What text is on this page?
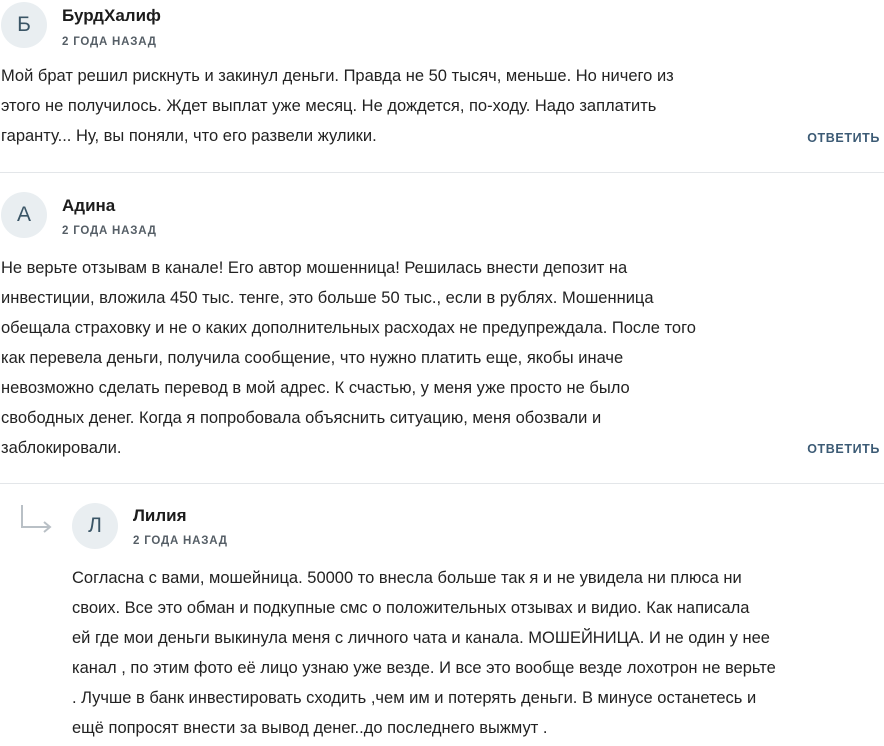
Б	БурдХалиф
2 ГОДА НАЗАД
Мой брат решил рискнуть и закинул деньги. Правда не 50 тысяч, меньше. Но ничего из
этого не получилось. Ждет выплат уже месяц. Не дождется, по-ходу. Надо заплатить
гаранту... Ну, вы поняли, что его развели жулики.	ОТВЕТИТЬ
А	Адина
2 ГОДА НАЗАД
Не верьте отзывам в канале! Его автор мошенница! Решилась внести депозит на
инвестиции, вложила 450 тыс. тенге, это больше 50 тыс., если в рублях. Мошенница
обещала страховку и не о каких дополнительных расходах не предупреждала. После того
как перевела деньги, получила сообщение, что нужно платить еще, якобы иначе
невозможно сделать перевод в мой адрес. К счастью, у меня уже просто не было
свободных денег. Когда я попробовала объяснить ситуацию, меня обозвали и
заблокировали.	ОТВЕТИТЬ
Л	Лилия
2 ГОДА НАЗАД
Согласна с вами, мошейница. 50000 то внесла больше так я и не увидела ни плюса ни
своих. Все это обман и подкупные смс о положительных отзывах и видио. Как написала
ей где мои деньги выкинула меня с личного чата и канала. МОШЕЙНИЦА. И не один у нее
канал , по этим фото её лицо узнаю уже везде. И все это вообще везде лохотрон не верьте
. Лучше в банк инвестировать сходить ,чем им и потерять деньги. В минусе останетесь и
ещё попросят внести за вывод денег..до последнего выжмут .
